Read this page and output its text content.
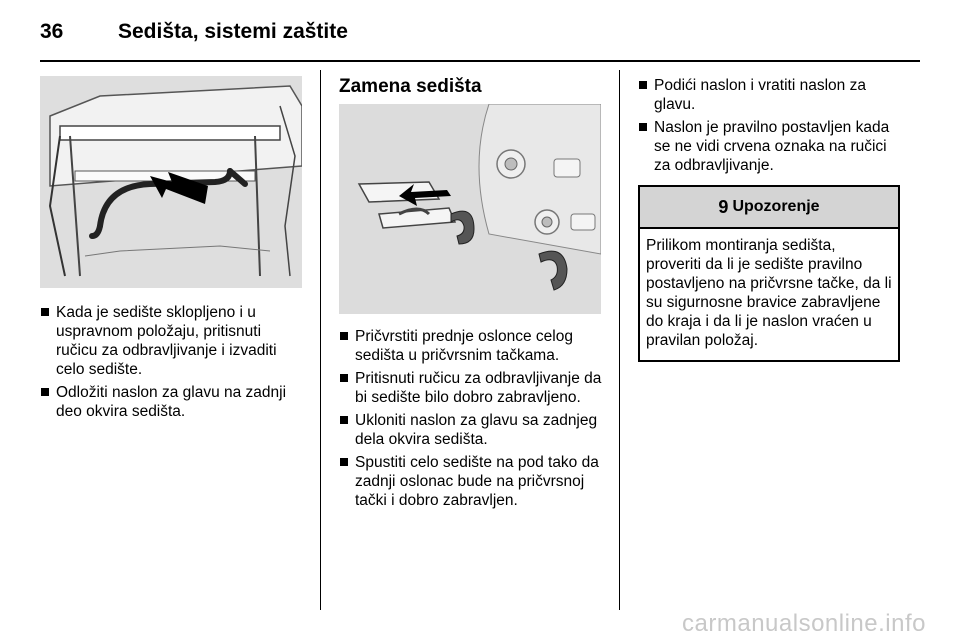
36	Sedišta, sistemi zaštite
Kada je sedište sklopljeno i u uspravnom položaju, pritisnuti ručicu za odbravljivanje i izvaditi celo sedište.
Odložiti naslon za glavu na zadnji deo okvira sedišta.
Zamena sedišta
Pričvrstiti prednje oslonce celog sedišta u pričvrsnim tačkama.
Pritisnuti ručicu za odbravljivanje da bi sedište bilo dobro zabravljeno.
Ukloniti naslon za glavu sa zadnjeg dela okvira sedišta.
Spustiti celo sedište na pod tako da zadnji oslonac bude na pričvrsnoj tački i dobro zabravljen.
Podići naslon i vratiti naslon za glavu.
Naslon je pravilno postavljen kada se ne vidi crvena oznaka na ručici za odbravljivanje.
9 Upozorenje
Prilikom montiranja sedišta, proveriti da li je sedište pravilno postavljeno na pričvrsne tačke, da li su sigurnosne bravice zabravljene do kraja i da li je naslon vraćen u pravilan položaj.
carmanualsonline.info
